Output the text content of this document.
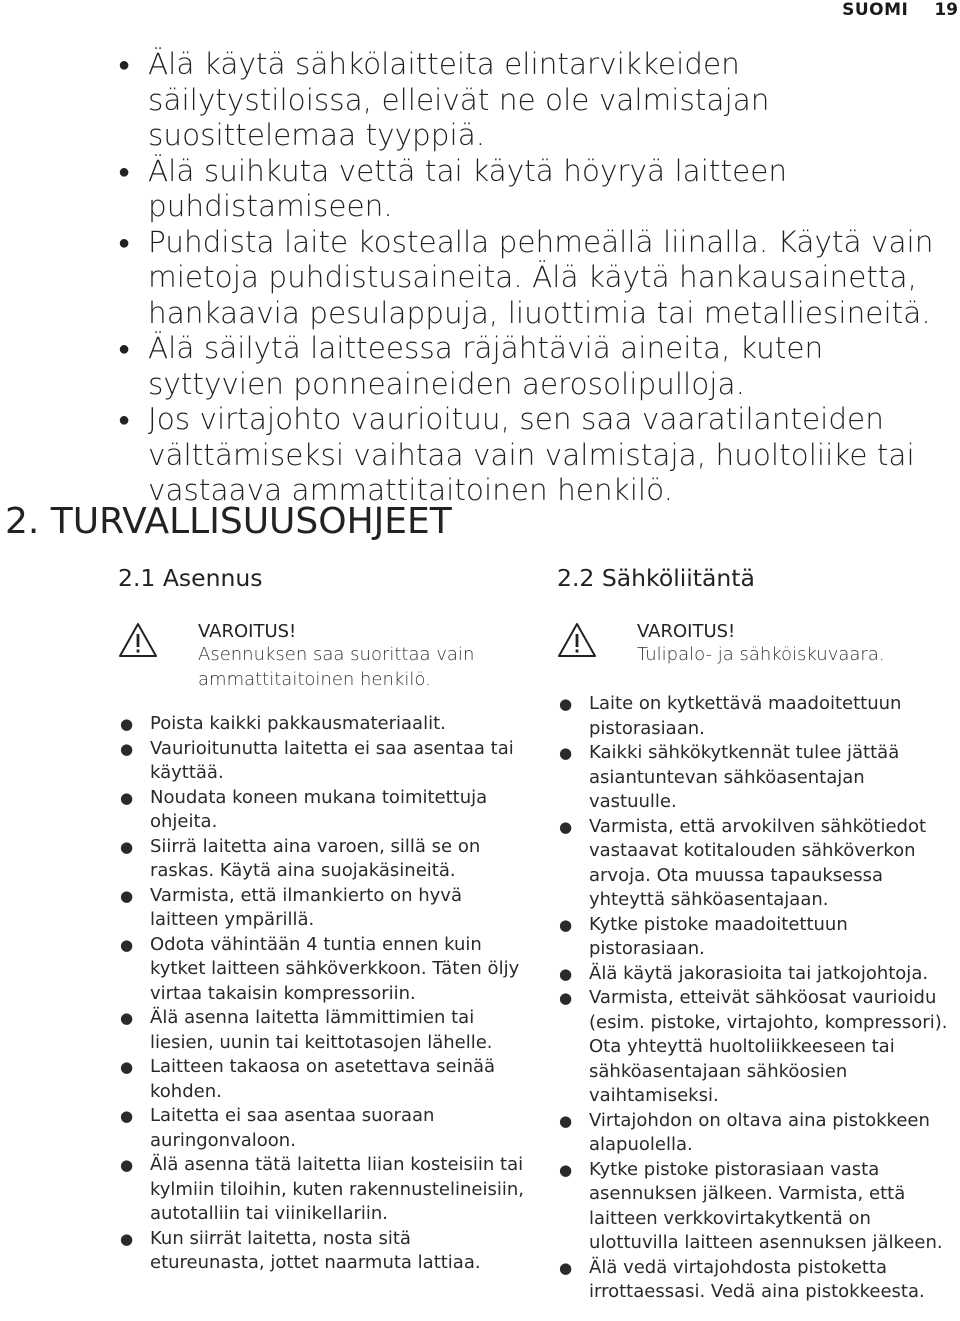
SUOMI 19
● Älä käytä sähkölaitteita elintarvikkeiden säilytystiloissa, elleivät ne ole valmistajan suosittelemaa tyyppiä.
● Älä suihkuta vettä tai käytä höyryä laitteen puhdistamiseen.
● Puhdista laite kostealla pehmeällä liinalla. Käytä vain mietoja puhdistusaineita. Älä käytä hankausainetta, hankaavia pesulappuja, liuottimia tai metalliesineitä.
● Älä säilytä laitteessa räjähtäviä aineita, kuten syttyvien ponneaineiden aerosolipulloja.
● Jos virtajohto vaurioituu, sen saa vaaratilanteiden välttämiseksi vaihtaa vain valmistaja, huoltoliike tai vastaava ammattitaitoinen henkilö.
2. TURVALLISUUSOHJEET
2.1 Asennus
VAROITUS!
Asennuksen saa suorittaa vain ammattitaitoinen henkilö.
● Poista kaikki pakkausmateriaalit.
● Vaurioitunutta laitetta ei saa asentaa tai käyttää.
● Noudata koneen mukana toimitettuja ohjeita.
● Siirrä laitetta aina varoen, sillä se on raskas. Käytä aina suojakäsineitä.
● Varmista, että ilmankierto on hyvä laitteen ympärillä.
● Odota vähintään 4 tuntia ennen kuin kytket laitteen sähköverkkoon. Täten öljy virtaa takaisin kompressoriin.
● Älä asenna laitetta lämmittimien tai liesien, uunin tai keittotasojen lähelle.
● Laitteen takaosa on asetettava seinää kohden.
● Laitetta ei saa asentaa suoraan auringonvaloon.
● Älä asenna tätä laitetta liian kosteisiin tai kylmiin tiloihin, kuten rakennustelineisiin, autotalliin tai viinikellariin.
● Kun siirrät laitetta, nosta sitä etureunasta, jottet naarmuta lattiaa.
2.2 Sähköliitäntä
VAROITUS!
Tulipalo- ja sähköiskuvaara.
● Laite on kytkettävä maadoitettuun pistorasiaan.
● Kaikki sähkökytkennät tulee jättää asiantuntevan sähköasentajan vastuulle.
● Varmista, että arvokilven sähkötiedot vastaavat kotitalouden sähköverkon arvoja. Ota muussa tapauksessa yhteyttä sähköasentajaan.
● Kytke pistoke maadoitettuun pistorasiaan.
● Älä käytä jakorasioita tai jatkojohtoja.
● Varmista, etteivät sähköosat vaurioidu (esim. pistoke, virtajohto, kompressori). Ota yhteyttä huoltoliikkeeseen tai sähköasentajaan sähköosien vaihtamiseksi.
● Virtajohdon on oltava aina pistokkeen alapuolella.
● Kytke pistoke pistorasiaan vasta asennuksen jälkeen. Varmista, että laitteen verkkovirtakytkentä on ulottuvilla laitteen asennuksen jälkeen.
● Älä vedä virtajohdosta pistoketta irrottaessasi. Vedä aina pistokkeesta.
